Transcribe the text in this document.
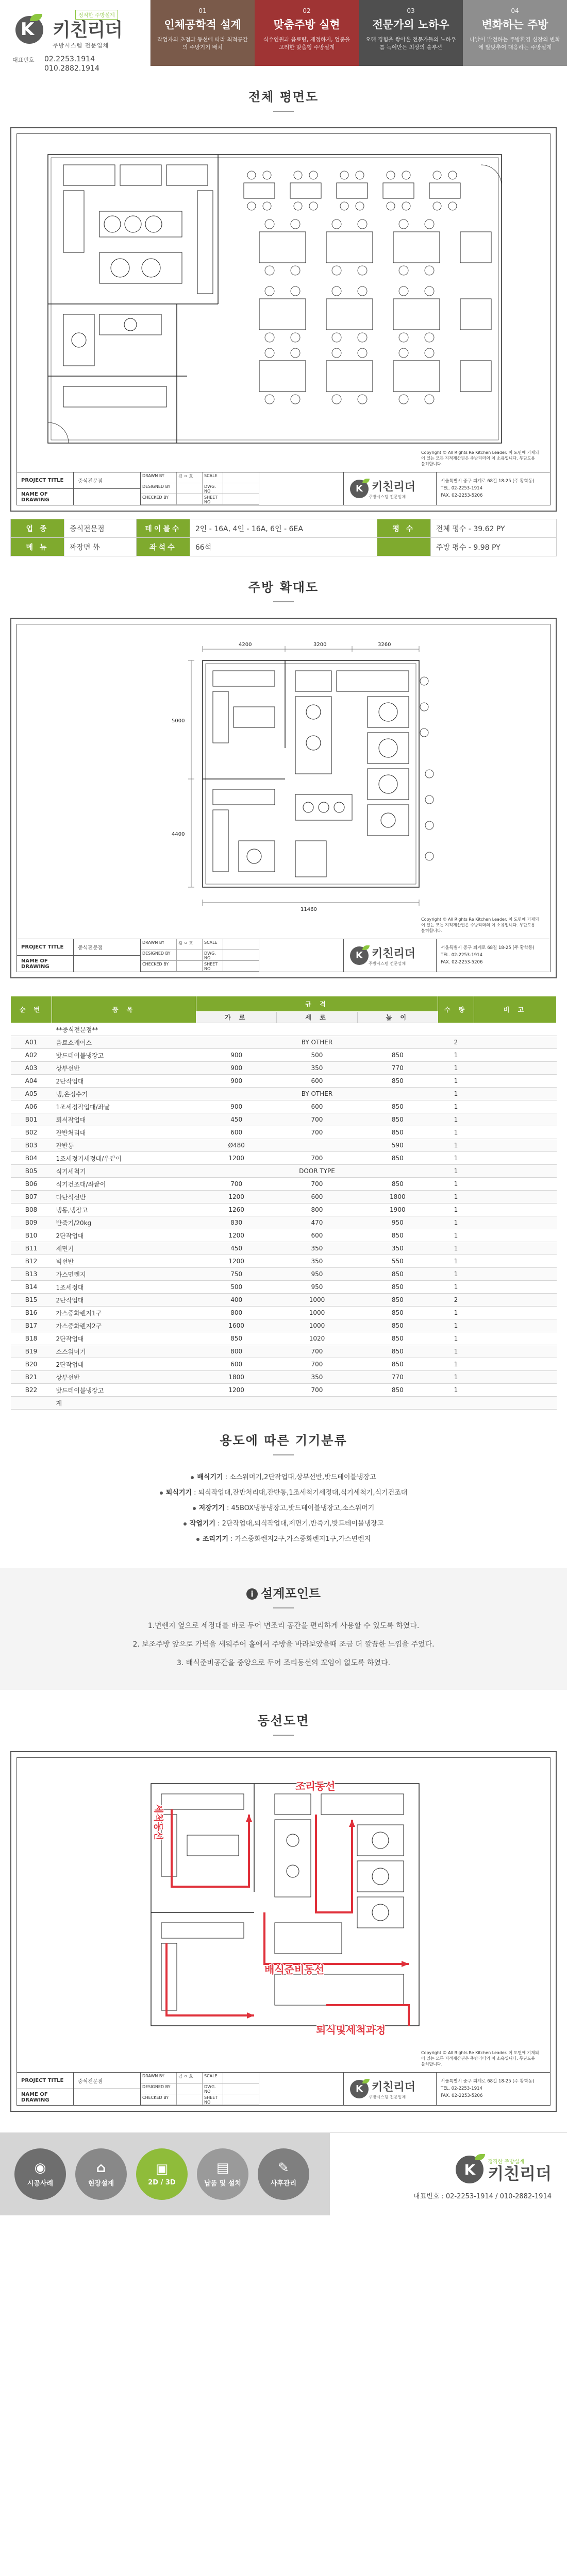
K
정직한 주방설계
키친리더
주방시스템 전문업체
대표번호	02.2253.1914
010.2882.1914
01
인체공학적 설계
작업자의 초점과 동선에 따라 최적공간의 주방기기 배치
02
맞춤주방 실현
식수인원과 음료량, 제정하지, 업종을 고려한 맞춤형 주방설계
03
전문가의 노하우
오랜 경험을 쌓아온 전문가들의 노하우를 녹여만든 최상의 솔루션
04
변화하는 주방
나날이 발전하는 주방환경 신장의 변화에 발맞추어 대응하는 주방설계
전체 평면도
Copyright © All Rights Re Kitchen Leader. 이 도면에 기재되어 있는 모든 지적재산권은 주방리더의 이 소유입니다. 무단도용 불허합니다.
PROJECT TITLE	중식전문점
NAME OF DRAWING
DRAWN BY	김 ㅇ 호	SCALE
DESIGNED BY	DWG. NO
CHECKED BY	SHEET NO
K 키친리더
주방시스템 전문업체
서울특별시 중구 퇴계로 68길 18-25 (주 황학동)
TEL. 02-2253-1914
FAX. 02-2253-5206
업 종	중식전문점	테이블수	2인 - 16A, 4인 - 16A, 6인 - 6EA	평 수	전체 평수 - 39.62 PY
메 뉴	짜장면 外	좌석수	66석		주방 평수 - 9.98 PY
주방 확대도
4200	3200	3260
5000
4400
11460
Copyright © All Rights Re Kitchen Leader. 이 도면에 기재되어 있는 모든 지적재산권은 주방리더의 이 소유입니다. 무단도용 불허합니다.
PROJECT TITLE	중식전문점
NAME OF DRAWING
DRAWN BY	김 ㅇ 호	SCALE
DESIGNED BY	DWG. NO
CHECKED BY	SHEET NO
K 키친리더
주방시스템 전문업체
서울특별시 중구 퇴계로 68길 18-25 (주 황학동)
TEL. 02-2253-1914
FAX. 02-2253-5206
순 번	품 목	규 격			수 량	비 고
		가 로	세 로	높 이		
	**중식전문점**					
A01	음료쇼케이스	BY OTHER			2	
A02	밧드테이블냉장고	900	500	850	1	
A03	상부선반	900	350	770	1	
A04	2단작업대	900	600	850	1	
A05	냉,온정수기	BY OTHER			1	
A06	1조세정작업대/좌날	900	600	850	1	
B01	퇴식작업대	450	700	850	1	
B02	잔반처리대	600	700	850	1	
B03	잔반통	Ø480		590	1	
B04	1조세정기세정대/우끝이	1200	700	850	1	
B05	식기세척기	DOOR TYPE			1	
B06	식기건조대/좌끝이	700	700	850	1	
B07	다단식선반	1200	600	1800	1	
B08	냉동,냉장고	1260	800	1900	1	
B09	반죽기/20kg	830	470	950	1	
B10	2단작업대	1200	600	850	1	
B11	제면기	450	350	350	1	
B12	벽선반	1200	350	550	1	
B13	가스면렌지	750	950	850	1	
B14	1조세정대	500	950	850	1	
B15	2단작업대	400	1000	850	2	
B16	가스중화렌지1구	800	1000	850	1	
B17	가스중화렌지2구	1600	1000	850	1	
B18	2단작업대	850	1020	850	1	
B19	소스워머기	800	700	850	1	
B20	2단작업대	600	700	850	1	
B21	상부선반	1800	350	770	1	
B22	밧드테이블냉장고	1200	700	850	1	
	계					
용도에 따른 기기분류
배식기기 : 소스워머기,2단작업대,상부선반,밧드테이블냉장고
퇴식기기 : 퇴식작업대,잔반처리대,잔반통,1조세척기세정대,식기세척기,식기건조대
저장기기 : 45BOX냉동냉장고,밧드테이블냉장고,소스워머기
작업기기 : 2단작업대,퇴식작업대,제면기,반죽기,밧드테이블냉장고
조리기기 : 가스중화렌지2구,가스중화렌지1구,가스면렌지
i 설계포인트

1.면렌지 옆으로 세정대를 바로 두어 면조리 공간을 편리하게 사용할 수 있도록 하였다.

2. 보조주방 앞으로 가벽을 세워주어 홀에서 주방을 바라보았을때 조금 더 깔끔한 느낌을 주었다.

3. 배식준비공간을 중앙으로 두어 조리동선의 꼬임이 없도록 하였다.

동선도면
조리동선
세척동선
배식준비동선
퇴식및세척과정
Copyright © All Rights Re Kitchen Leader. 이 도면에 기재되어 있는 모든 지적재산권은 주방리더의 이 소유입니다. 무단도용 불허합니다.
PROJECT TITLE	중식전문점
NAME OF DRAWING
DRAWN BY	김 ㅇ 호	SCALE
DESIGNED BY	DWG. NO
CHECKED BY	SHEET NO
K 키친리더
주방시스템 전문업체
서울특별시 중구 퇴계로 68길 18-25 (주 황학동)
TEL. 02-2253-1914
FAX. 02-2253-5206
◉
시공사례
⌂
현장설계
▣
2D / 3D
▤
납품 및 설치
✎
사후관리
K	정직한 주방설계
키친리더
대표번호 : 02-2253-1914 / 010-2882-1914
